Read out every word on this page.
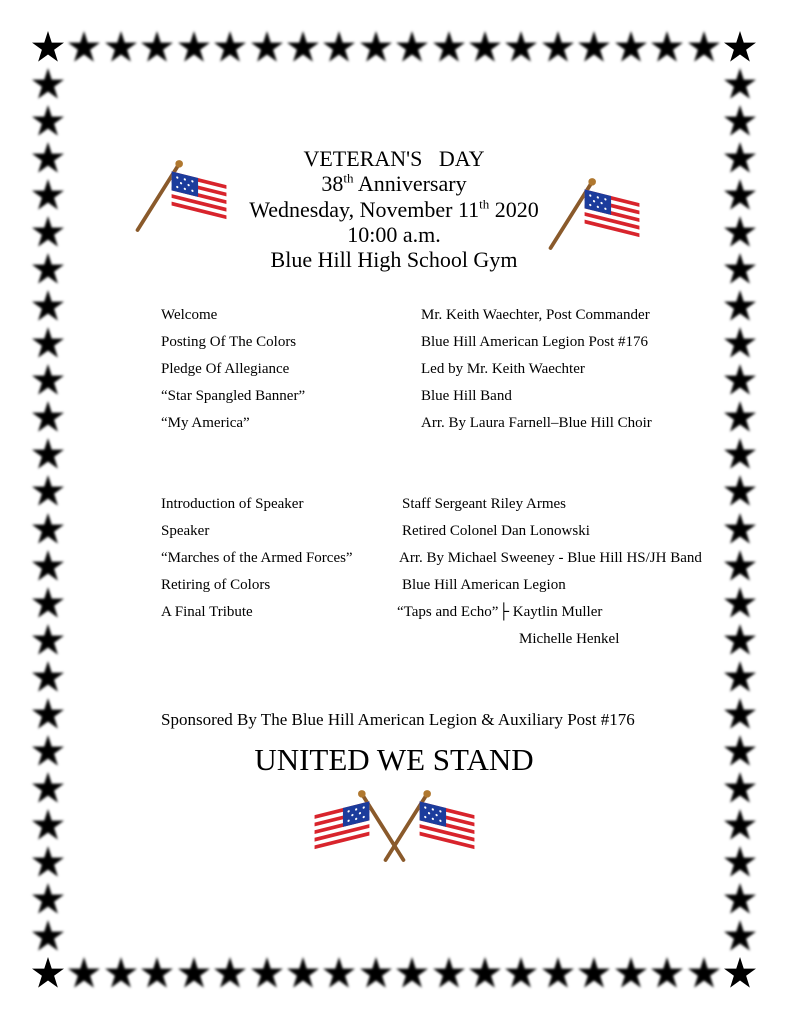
VETERAN'S DAY
38th Anniversary
Wednesday, November 11th 2020
10:00 a.m.
Blue Hill High School Gym
Welcome	Mr. Keith Waechter, Post Commander
Posting Of The Colors	Blue Hill American Legion Post #176
Pledge Of Allegiance	Led by Mr. Keith Waechter
“Star Spangled Banner”	Blue Hill Band
“My America”	Arr. By Laura Farnell–Blue Hill Choir
Introduction of Speaker	Staff Sergeant Riley Armes
Speaker	Retired Colonel Dan Lonowski
“Marches of the Armed Forces”	Arr. By Michael Sweeney - Blue Hill HS/JH Band
Retiring of Colors	Blue Hill American Legion
A Final Tribute	“Taps and Echo”├ Kaytlin Muller
Michelle Henkel
Sponsored By The Blue Hill American Legion & Auxiliary Post #176
UNITED WE STAND
